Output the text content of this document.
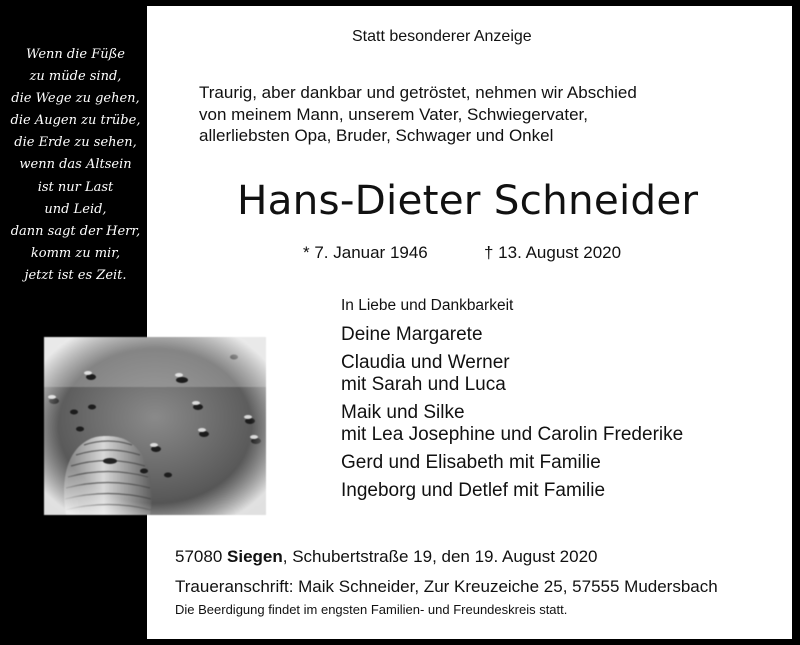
Wenn die Füße
zu müde sind,
die Wege zu gehen,
die Augen zu trübe,
die Erde zu sehen,
wenn das Altsein
ist nur Last
und Leid,
dann sagt der Herr,
komm zu mir,
jetzt ist es Zeit.
Statt besonderer Anzeige
Traurig, aber dankbar und getröstet, nehmen wir Abschied
von meinem Mann, unserem Vater, Schwiegervater,
allerliebsten Opa, Bruder, Schwager und Onkel
Hans-Dieter Schneider
* 7. Januar 1946	† 13. August 2020
In Liebe und Dankbarkeit
Deine Margarete
Claudia und Werner
mit Sarah und Luca
Maik und Silke
mit Lea Josephine und Carolin Frederike
Gerd und Elisabeth mit Familie
Ingeborg und Detlef mit Familie
57080 Siegen, Schubertstraße 19, den 19. August 2020
Traueranschrift: Maik Schneider, Zur Kreuzeiche 25, 57555 Mudersbach
Die Beerdigung findet im engsten Familien- und Freundeskreis statt.
